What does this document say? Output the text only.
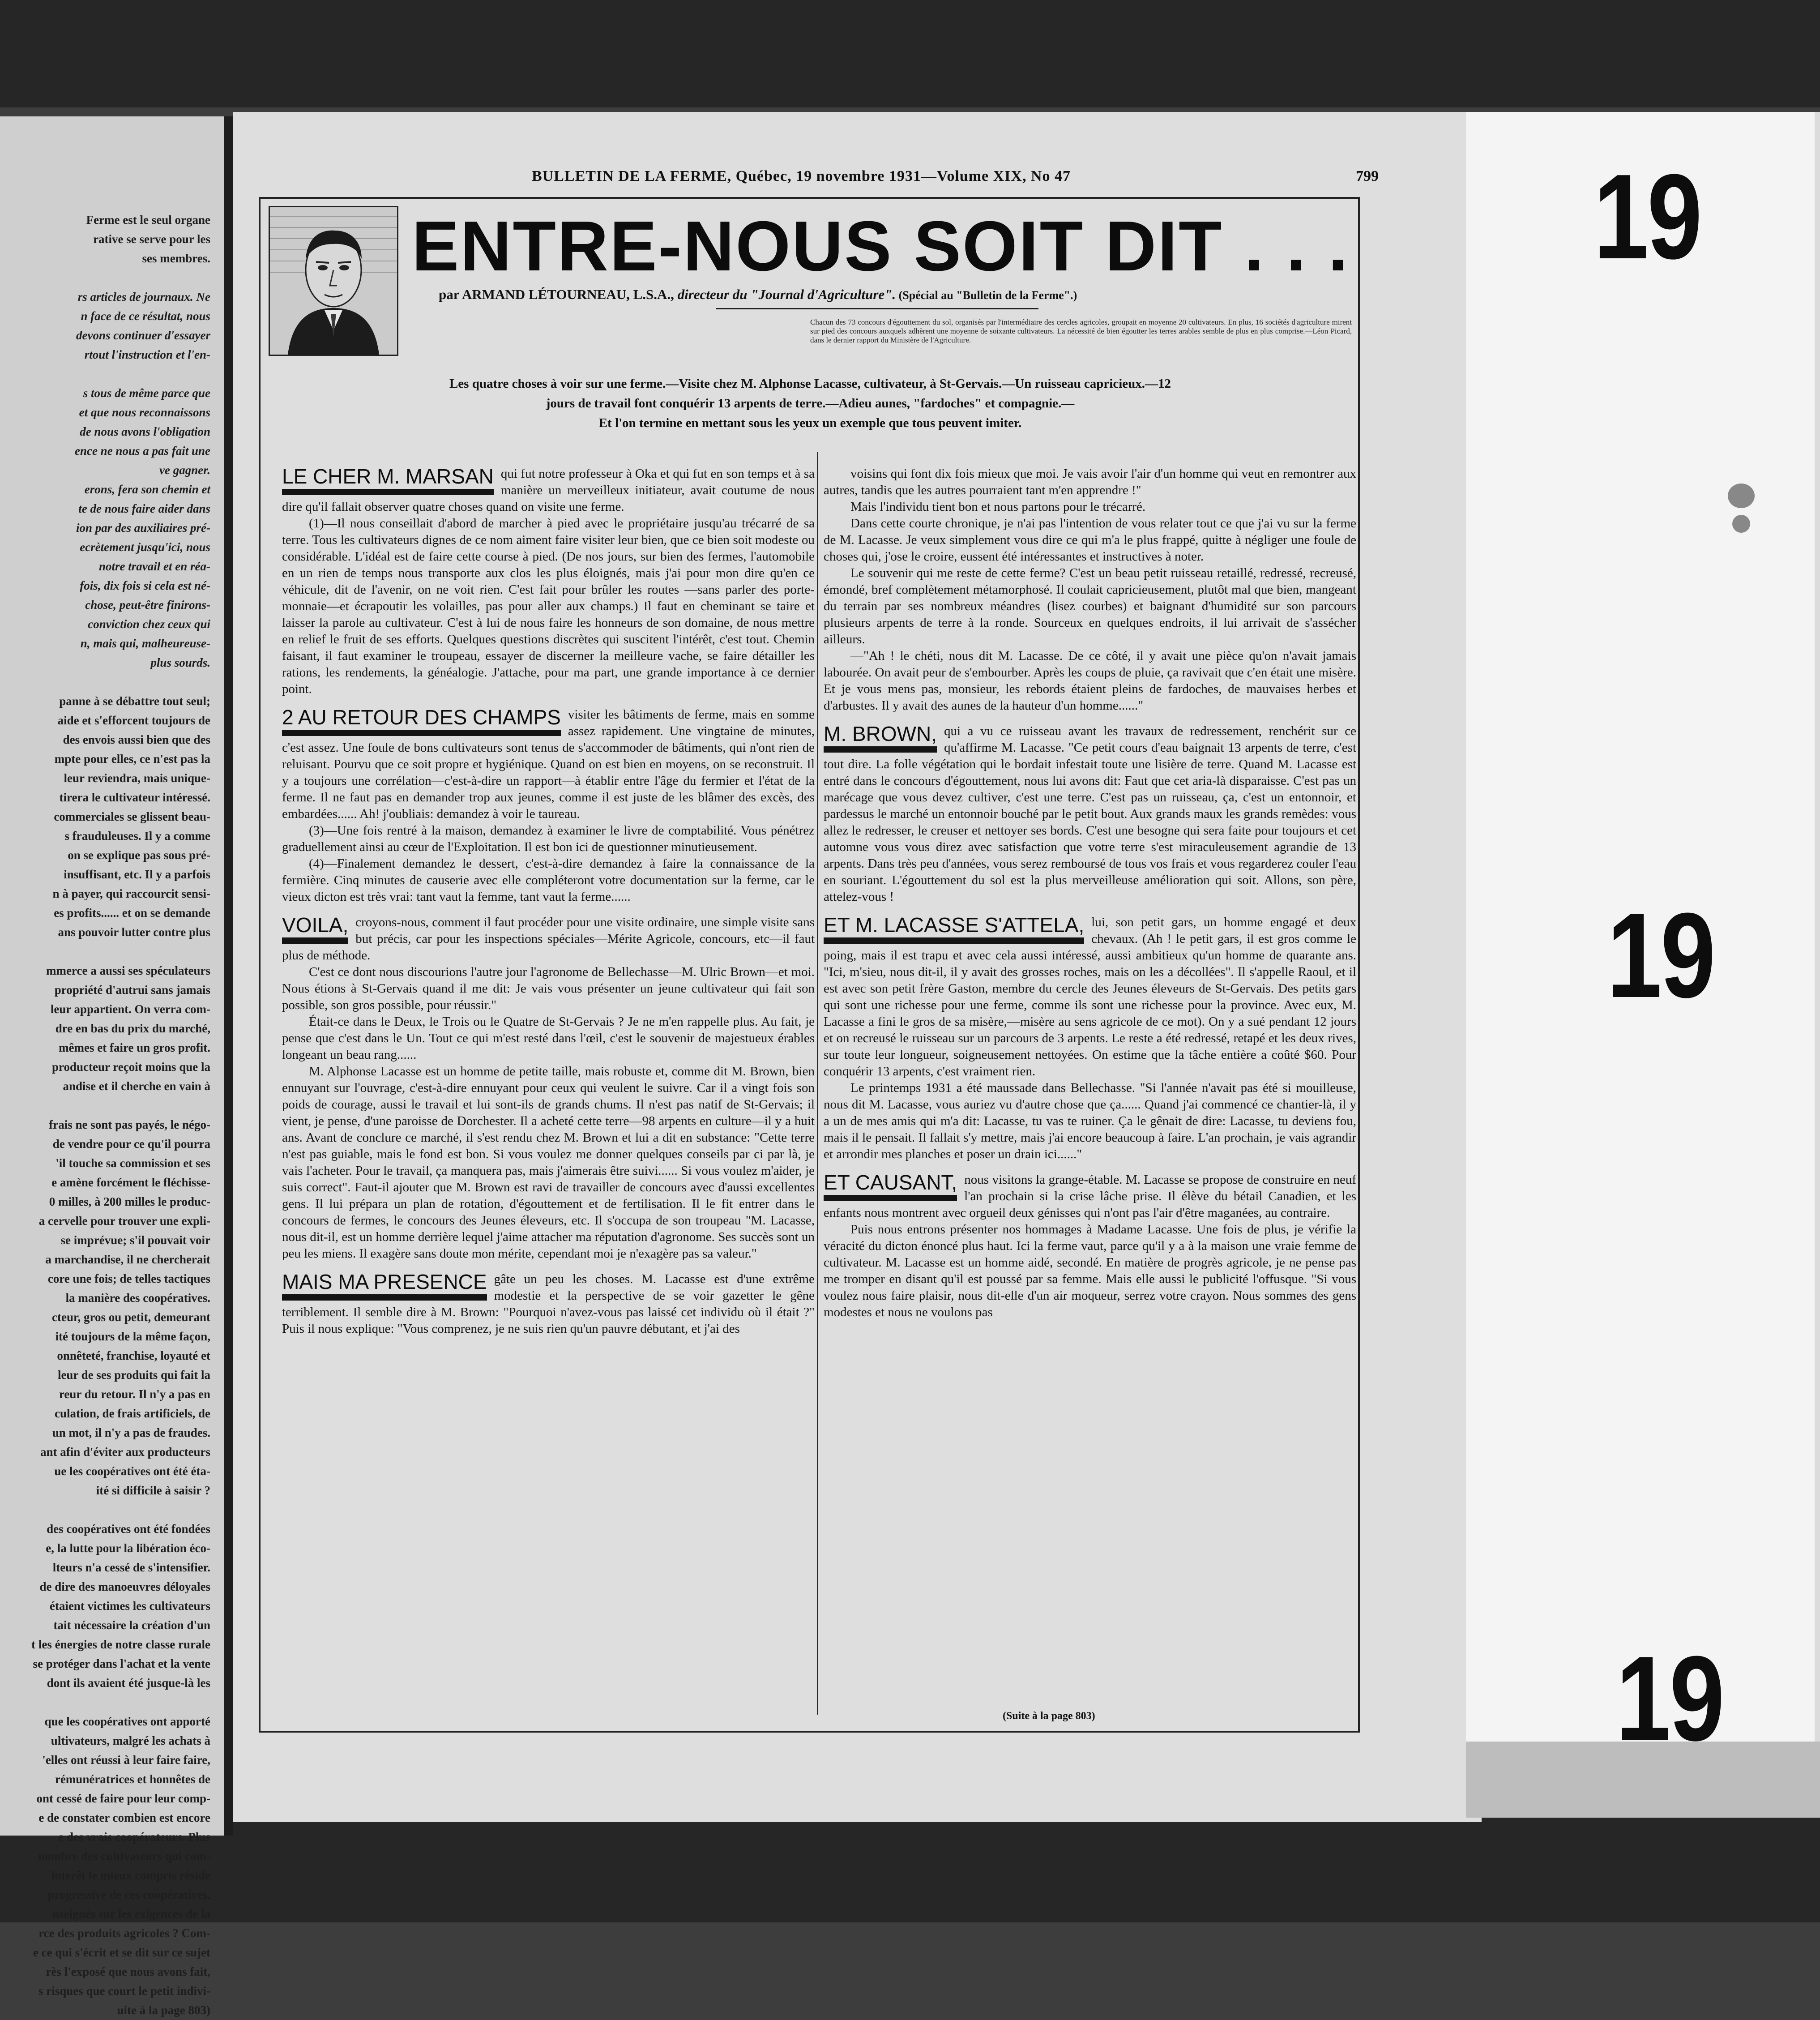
Ferme est le seul organe
rative se serve pour les
ses membres.

rs articles de journaux. Ne
n face de ce résultat, nous
devons continuer d'essayer
rtout l'instruction et l'en-

s tous de même parce que
et que nous reconnaissons
de nous avons l'obligation
ence ne nous a pas fait une
ve gagner.
erons, fera son chemin et
te de nous faire aider dans
ion par des auxiliaires pré-
ecrètement jusqu'ici, nous
notre travail et en réa-
fois, dix fois si cela est né-
chose, peut-être finirons-
conviction chez ceux qui
n, mais qui, malheureuse-
plus sourds.

panne à se débattre tout seul;
aide et s'efforcent toujours de
des envois aussi bien que des
mpte pour elles, ce n'est pas la
leur reviendra, mais unique-
tirera le cultivateur intéressé.
commerciales se glissent beau-
s frauduleuses. Il y a comme
on se explique pas sous pré-
insuffisant, etc. Il y a parfois
n à payer, qui raccourcit sensi-
es profits...... et on se demande
ans pouvoir lutter contre plus

mmerce a aussi ses spéculateurs
propriété d'autrui sans jamais
leur appartient. On verra com-
dre en bas du prix du marché,
mêmes et faire un gros profit.
producteur reçoit moins que la
andise et il cherche en vain à

frais ne sont pas payés, le négo-
de vendre pour ce qu'il pourra
'il touche sa commission et ses
e amène forcément le fléchisse-
0 milles, à 200 milles le produc-
a cervelle pour trouver une expli-
se imprévue; s'il pouvait voir
a marchandise, il ne chercherait
core une fois; de telles tactiques
la manière des coopératives.
cteur, gros ou petit, demeurant
ité toujours de la même façon,
onnêteté, franchise, loyauté et
leur de ses produits qui fait la
reur du retour. Il n'y a pas en
culation, de frais artificiels, de
un mot, il n'y a pas de fraudes.
ant afin d'éviter aux producteurs
ue les coopératives ont été éta-
ité si difficile à saisir ?

des coopératives ont été fondées
e, la lutte pour la libération éco-
lteurs n'a cessé de s'intensifier.
de dire des manoeuvres déloyales
étaient victimes les cultivateurs
tait nécessaire la création d'un
t les énergies de notre classe rurale
se protéger dans l'achat et la vente
dont ils avaient été jusque-là les

que les coopératives ont apporté
ultivateurs, malgré les achats à
'elles ont réussi à leur faire faire,
rémunératrices et honnêtes de
ont cessé de faire pour leur comp-
e de constater combien est encore
e des vrais coopérateurs. Plus
nombre des cultivateurs qui com-
intérêt le mieux compris réside
progressive de ces coopératives.
nseignés sur les exigences de la
rce des produits agricoles ? Com-
e ce qui s'écrit et se dit sur ce sujet
rès l'exposé que nous avons fait,
s risques que court le petit indivi-
uite à la page 803)
BULLETIN DE LA FERME, Québec, 19 novembre 1931—Volume XIX, No 47	799
ENTRE-NOUS SOIT DIT . . .
par ARMAND LÉTOURNEAU, L.S.A., directeur du "Journal d'Agriculture". (Spécial au "Bulletin de la Ferme".)
Chacun des 73 concours d'égouttement du sol, organisés par l'intermédiaire des cercles agricoles, groupait en moyenne 20 cultivateurs. En plus, 16 sociétés d'agriculture mirent sur pied des concours auxquels adhèrent une moyenne de soixante cultivateurs. La nécessité de bien égoutter les terres arables semble de plus en plus comprise.—Léon Picard, dans le dernier rapport du Ministère de l'Agriculture.
Les quatre choses à voir sur une ferme.—Visite chez M. Alphonse Lacasse, cultivateur, à St-Gervais.—Un ruisseau capricieux.—12
jours de travail font conquérir 13 arpents de terre.—Adieu aunes, "fardoches" et compagnie.—
Et l'on termine en mettant sous les yeux un exemple que tous peuvent imiter.

LE CHER M. MARSAN qui fut notre professeur à Oka et qui fut en son temps et à sa manière un merveilleux initiateur, avait coutume de nous dire qu'il fallait observer quatre choses quand on visite une ferme.

(1)—Il nous conseillait d'abord de marcher à pied avec le propriétaire jusqu'au trécarré de sa terre. Tous les cultivateurs dignes de ce nom aiment faire visiter leur bien, que ce bien soit modeste ou considérable. L'idéal est de faire cette course à pied. (De nos jours, sur bien des fermes, l'automobile en un rien de temps nous transporte aux clos les plus éloignés, mais j'ai pour mon dire qu'en ce véhicule, dit de l'avenir, on ne voit rien. C'est fait pour brûler les routes —sans parler des porte-monnaie—et écrapoutir les volailles, pas pour aller aux champs.) Il faut en cheminant se taire et laisser la parole au cultivateur. C'est à lui de nous faire les honneurs de son domaine, de nous mettre en relief le fruit de ses efforts. Quelques questions discrètes qui suscitent l'intérêt, c'est tout. Chemin faisant, il faut examiner le troupeau, essayer de discerner la meilleure vache, se faire détailler les rations, les rendements, la généalogie. J'attache, pour ma part, une grande importance à ce dernier point.

2 AU RETOUR DES CHAMPS visiter les bâtiments de ferme, mais en somme assez rapidement. Une vingtaine de minutes, c'est assez. Une foule de bons cultivateurs sont tenus de s'accommoder de bâtiments, qui n'ont rien de reluisant. Pourvu que ce soit propre et hygiénique. Quand on est bien en moyens, on se reconstruit. Il y a toujours une corrélation—c'est-à-dire un rapport—à établir entre l'âge du fermier et l'état de la ferme. Il ne faut pas en demander trop aux jeunes, comme il est juste de les blâmer des excès, des embardées...... Ah! j'oubliais: demandez à voir le taureau.

(3)—Une fois rentré à la maison, demandez à examiner le livre de comptabilité. Vous pénétrez graduellement ainsi au cœur de l'Exploitation. Il est bon ici de questionner minutieusement.

(4)—Finalement demandez le dessert, c'est-à-dire demandez à faire la connaissance de la fermière. Cinq minutes de causerie avec elle compléteront votre documentation sur la ferme, car le vieux dicton est très vrai: tant vaut la femme, tant vaut la ferme......

VOILA, croyons-nous, comment il faut procéder pour une visite ordinaire, une simple visite sans but précis, car pour les inspections spéciales—Mérite Agricole, concours, etc—il faut plus de méthode.

C'est ce dont nous discourions l'autre jour l'agronome de Bellechasse—M. Ulric Brown—et moi. Nous étions à St-Gervais quand il me dit: Je vais vous présenter un jeune cultivateur qui fait son possible, son gros possible, pour réussir."

Était-ce dans le Deux, le Trois ou le Quatre de St-Gervais ? Je ne m'en rappelle plus. Au fait, je pense que c'est dans le Un. Tout ce qui m'est resté dans l'œil, c'est le souvenir de majestueux érables longeant un beau rang......

M. Alphonse Lacasse est un homme de petite taille, mais robuste et, comme dit M. Brown, bien ennuyant sur l'ouvrage, c'est-à-dire ennuyant pour ceux qui veulent le suivre. Car il a vingt fois son poids de courage, aussi le travail et lui sont-ils de grands chums. Il n'est pas natif de St-Gervais; il vient, je pense, d'une paroisse de Dorchester. Il a acheté cette terre—98 arpents en culture—il y a huit ans. Avant de conclure ce marché, il s'est rendu chez M. Brown et lui a dit en substance: "Cette terre n'est pas guiable, mais le fond est bon. Si vous voulez me donner quelques conseils par ci par là, je vais l'acheter. Pour le travail, ça manquera pas, mais j'aimerais être suivi...... Si vous voulez m'aider, je suis correct". Faut-il ajouter que M. Brown est ravi de travailler de concours avec d'aussi excellentes gens. Il lui prépara un plan de rotation, d'égouttement et de fertilisation. Il le fit entrer dans le concours de fermes, le concours des Jeunes éleveurs, etc. Il s'occupa de son troupeau "M. Lacasse, nous dit-il, est un homme derrière lequel j'aime attacher ma réputation d'agronome. Ses succès sont un peu les miens. Il exagère sans doute mon mérite, cependant moi je n'exagère pas sa valeur."

MAIS MA PRESENCE gâte un peu les choses. M. Lacasse est d'une extrême modestie et la perspective de se voir gazetter le gêne terriblement. Il semble dire à M. Brown: "Pourquoi n'avez-vous pas laissé cet individu où il était ?" Puis il nous explique: "Vous comprenez, je ne suis rien qu'un pauvre débutant, et j'ai des

voisins qui font dix fois mieux que moi. Je vais avoir l'air d'un homme qui veut en remontrer aux autres, tandis que les autres pourraient tant m'en apprendre !"

Mais l'individu tient bon et nous partons pour le trécarré.

Dans cette courte chronique, je n'ai pas l'intention de vous relater tout ce que j'ai vu sur la ferme de M. Lacasse. Je veux simplement vous dire ce qui m'a le plus frappé, quitte à négliger une foule de choses qui, j'ose le croire, eussent été intéressantes et instructives à noter.

Le souvenir qui me reste de cette ferme? C'est un beau petit ruisseau retaillé, redressé, recreusé, émondé, bref complètement métamorphosé. Il coulait capricieusement, plutôt mal que bien, mangeant du terrain par ses nombreux méandres (lisez courbes) et baignant d'humidité sur son parcours plusieurs arpents de terre à la ronde. Sourceux en quelques endroits, il lui arrivait de s'assécher ailleurs.

—"Ah ! le chéti, nous dit M. Lacasse. De ce côté, il y avait une pièce qu'on n'avait jamais labourée. On avait peur de s'embourber. Après les coups de pluie, ça ravivait que c'en était une misère. Et je vous mens pas, monsieur, les rebords étaient pleins de fardoches, de mauvaises herbes et d'arbustes. Il y avait des aunes de la hauteur d'un homme......"

M. BROWN, qui a vu ce ruisseau avant les travaux de redressement, renchérit sur ce qu'affirme M. Lacasse. "Ce petit cours d'eau baignait 13 arpents de terre, c'est tout dire. La folle végétation qui le bordait infestait toute une lisière de terre. Quand M. Lacasse est entré dans le concours d'égouttement, nous lui avons dit: Faut que cet aria-là disparaisse. C'est pas un marécage que vous devez cultiver, c'est une terre. C'est pas un ruisseau, ça, c'est un entonnoir, et pardessus le marché un entonnoir bouché par le petit bout. Aux grands maux les grands remèdes: vous allez le redresser, le creuser et nettoyer ses bords. C'est une besogne qui sera faite pour toujours et cet automne vous vous direz avec satisfaction que votre terre s'est miraculeusement agrandie de 13 arpents. Dans très peu d'années, vous serez remboursé de tous vos frais et vous regarderez couler l'eau en souriant. L'égouttement du sol est la plus merveilleuse amélioration qui soit. Allons, son père, attelez-vous !

ET M. LACASSE S'ATTELA, lui, son petit gars, un homme engagé et deux chevaux. (Ah ! le petit gars, il est gros comme le poing, mais il est trapu et avec cela aussi intéressé, aussi ambitieux qu'un homme de quarante ans. "Ici, m'sieu, nous dit-il, il y avait des grosses roches, mais on les a décollées". Il s'appelle Raoul, et il est avec son petit frère Gaston, membre du cercle des Jeunes éleveurs de St-Gervais. Des petits gars qui sont une richesse pour une ferme, comme ils sont une richesse pour la province. Avec eux, M. Lacasse a fini le gros de sa misère,—misère au sens agricole de ce mot). On y a sué pendant 12 jours et on recreusé le ruisseau sur un parcours de 3 arpents. Le reste a été redressé, retapé et les deux rives, sur toute leur longueur, soigneusement nettoyées. On estime que la tâche entière a coûté $60. Pour conquérir 13 arpents, c'est vraiment rien.

Le printemps 1931 a été maussade dans Bellechasse. "Si l'année n'avait pas été si mouilleuse, nous dit M. Lacasse, vous auriez vu d'autre chose que ça...... Quand j'ai commencé ce chantier-là, il y a un de mes amis qui m'a dit: Lacasse, tu vas te ruiner. Ça le gênait de dire: Lacasse, tu deviens fou, mais il le pensait. Il fallait s'y mettre, mais j'ai encore beaucoup à faire. L'an prochain, je vais agrandir et arrondir mes planches et poser un drain ici......"

ET CAUSANT, nous visitons la grange-étable. M. Lacasse se propose de construire en neuf l'an prochain si la crise lâche prise. Il élève du bétail Canadien, et les enfants nous montrent avec orgueil deux génisses qui n'ont pas l'air d'être maganées, au contraire.

Puis nous entrons présenter nos hommages à Madame Lacasse. Une fois de plus, je vérifie la véracité du dicton énoncé plus haut. Ici la ferme vaut, parce qu'il y a à la maison une vraie femme de cultivateur. M. Lacasse est un homme aidé, secondé. En matière de progrès agricole, je ne pense pas me tromper en disant qu'il est poussé par sa femme. Mais elle aussi le publicité l'offusque. "Si vous voulez nous faire plaisir, nous dit-elle d'un air moqueur, serrez votre crayon. Nous sommes des gens modestes et nous ne voulons pas

(Suite à la page 803)
19
19
19
